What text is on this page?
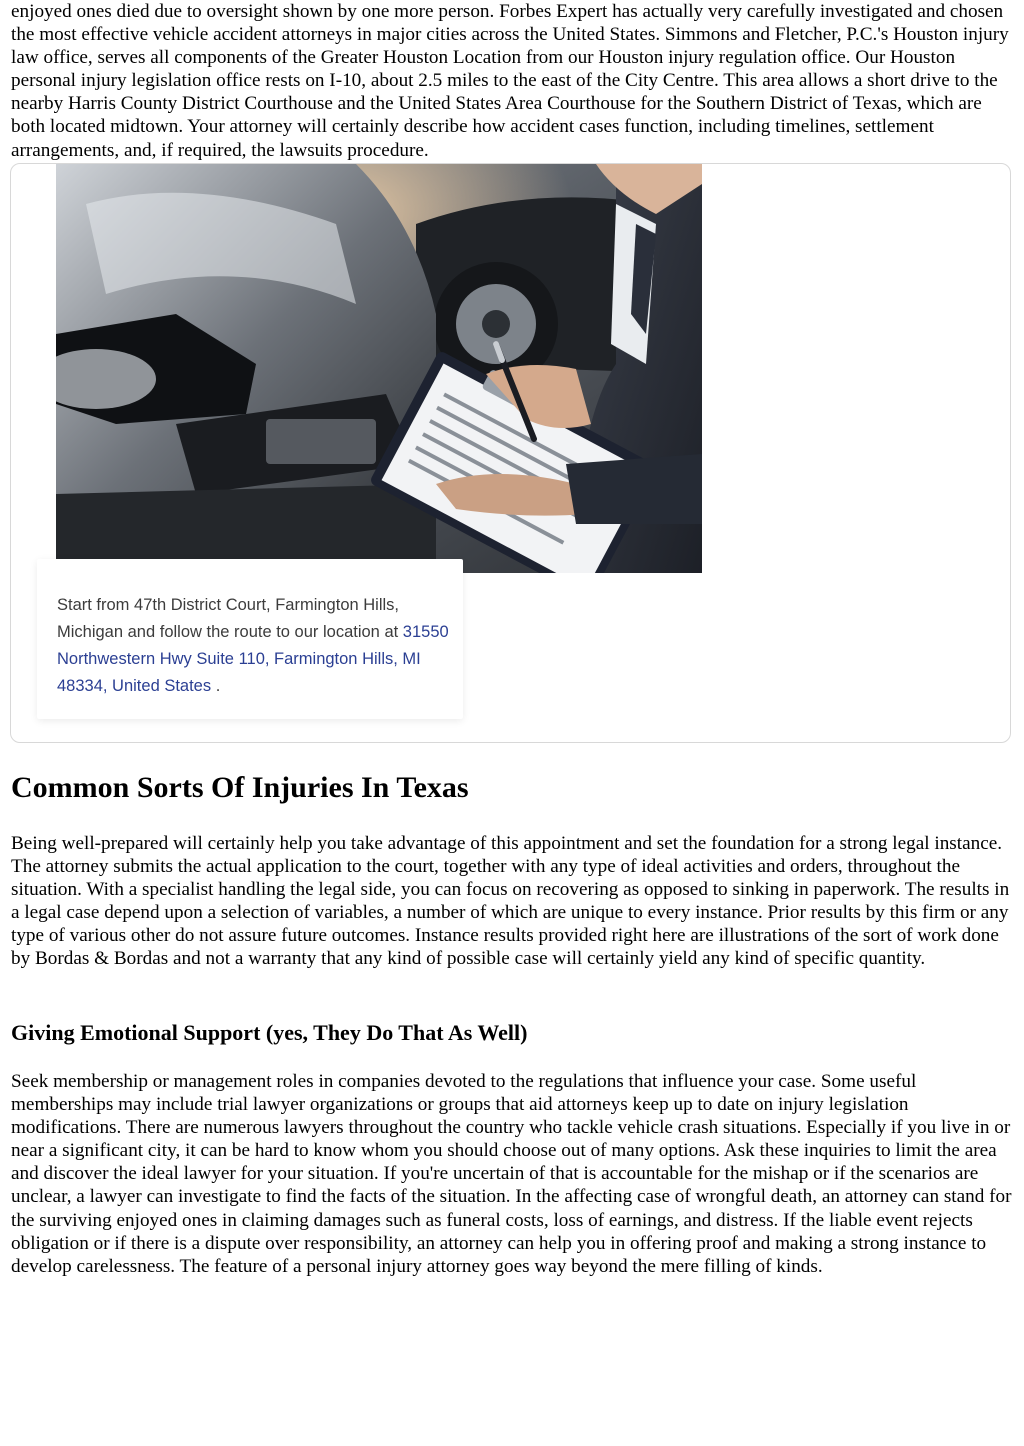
enjoyed ones died due to oversight shown by one more person. Forbes Expert has actually very carefully investigated and chosen the most effective vehicle accident attorneys in major cities across the United States. Simmons and Fletcher, P.C.'s Houston injury law office, serves all components of the Greater Houston Location from our Houston injury regulation office. Our Houston personal injury legislation office rests on I-10, about 2.5 miles to the east of the City Centre. This area allows a short drive to the nearby Harris County District Courthouse and the United States Area Courthouse for the Southern District of Texas, which are both located midtown. Your attorney will certainly describe how accident cases function, including timelines, settlement arrangements, and, if required, the lawsuits procedure.

Start from 47th District Court, Farmington Hills, Michigan and follow the route to our location at 31550 Northwestern Hwy Suite 110, Farmington Hills, MI 48334, United States .
Common Sorts Of Injuries In Texas

Being well-prepared will certainly help you take advantage of this appointment and set the foundation for a strong legal instance. The attorney submits the actual application to the court, together with any type of ideal activities and orders, throughout the situation. With a specialist handling the legal side, you can focus on recovering as opposed to sinking in paperwork. The results in a legal case depend upon a selection of variables, a number of which are unique to every instance. Prior results by this firm or any type of various other do not assure future outcomes. Instance results provided right here are illustrations of the sort of work done by Bordas & Bordas and not a warranty that any kind of possible case will certainly yield any kind of specific quantity.

Giving Emotional Support (yes, They Do That As Well)

Seek membership or management roles in companies devoted to the regulations that influence your case. Some useful memberships may include trial lawyer organizations or groups that aid attorneys keep up to date on injury legislation modifications. There are numerous lawyers throughout the country who tackle vehicle crash situations. Especially if you live in or near a significant city, it can be hard to know whom you should choose out of many options. Ask these inquiries to limit the area and discover the ideal lawyer for your situation. If you're uncertain of that is accountable for the mishap or if the scenarios are unclear, a lawyer can investigate to find the facts of the situation. In the affecting case of wrongful death, an attorney can stand for the surviving enjoyed ones in claiming damages such as funeral costs, loss of earnings, and distress. If the liable event rejects obligation or if there is a dispute over responsibility, an attorney can help you in offering proof and making a strong instance to develop carelessness. The feature of a personal injury attorney goes way beyond the mere filling of kinds.
